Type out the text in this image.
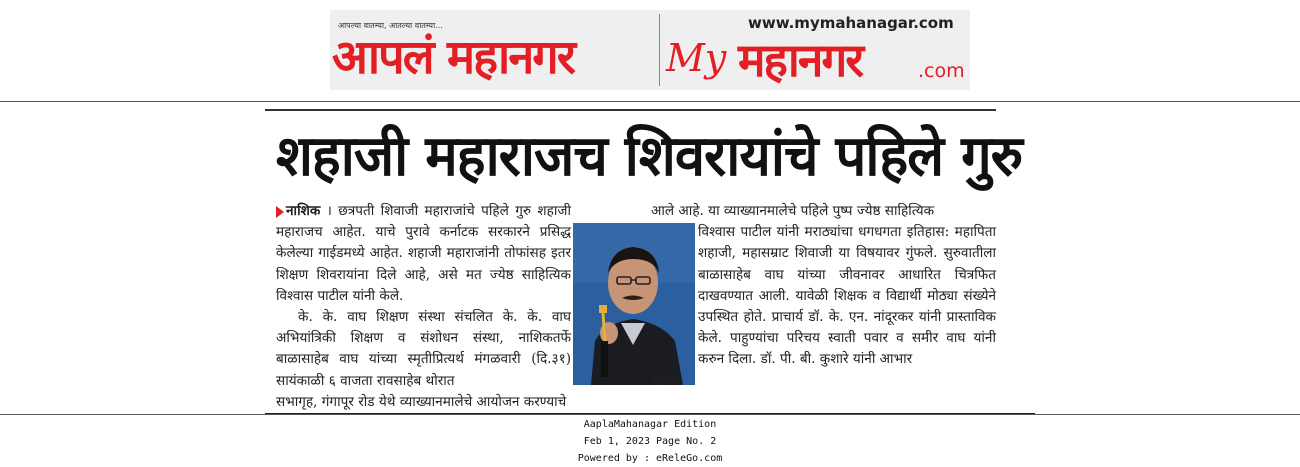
आपल्या वातम्या, आतल्या वातम्या...
आपलं महानगर
www.mymahanagar.com
My महानगर	.com
शहाजी महाराजच शिवरायांचे पहिले गुरु
नाशिक । छत्रपती शिवाजी महाराजांचे पहिले गुरु शहाजी महाराजच आहेत. याचे पुरावे कर्नाटक सरकारने प्रसिद्ध केलेल्या गाईडमध्ये आहेत. शहाजी महाराजांनी तोफांसह इतर शिक्षण शिवरायांना दिले आहे, असे मत ज्येष्ठ साहित्यिक विश्वास पाटील यांनी केले.
के. के. वाघ शिक्षण संस्था संचलित के. के. वाघ अभियांत्रिकी शिक्षण व संशोधन संस्था, नाशिकतर्फे बाळासाहेब वाघ यांच्या स्मृतीप्रित्यर्थ मंगळवारी (दि.३१) सायंकाळी ६ वाजता रावसाहेब थोरात
सभागृह, गंगापूर रोड येथे व्याख्यानमालेचे आयोजन करण्याचे
आले आहे. या व्याख्यानमालेचे पहिले पुष्प ज्येष्ठ साहित्यिक
विश्वास पाटील यांनी मराठ्यांचा धगधगता इतिहास: महापिता शहाजी, महासम्राट शिवाजी या विषयावर गुंफले. सुरुवातीला बाळासाहेब वाघ यांच्या जीवनावर आधारित चित्रफित दाखवण्यात आली. यावेळी शिक्षक व विद्यार्थी मोठ्या संख्येने उपस्थित होते. प्राचार्य डॉ. के. एन. नांदूरकर यांनी प्रास्ताविक केले. पाहुण्यांचा परिचय स्वाती पवार व समीर वाघ यांनी करुन दिला. डॉ. पी. बी. कुशारे यांनी आभार
मानले.
AaplaMahanagar Edition
Feb 1, 2023 Page No. 2
Powered by : eReleGo.com
